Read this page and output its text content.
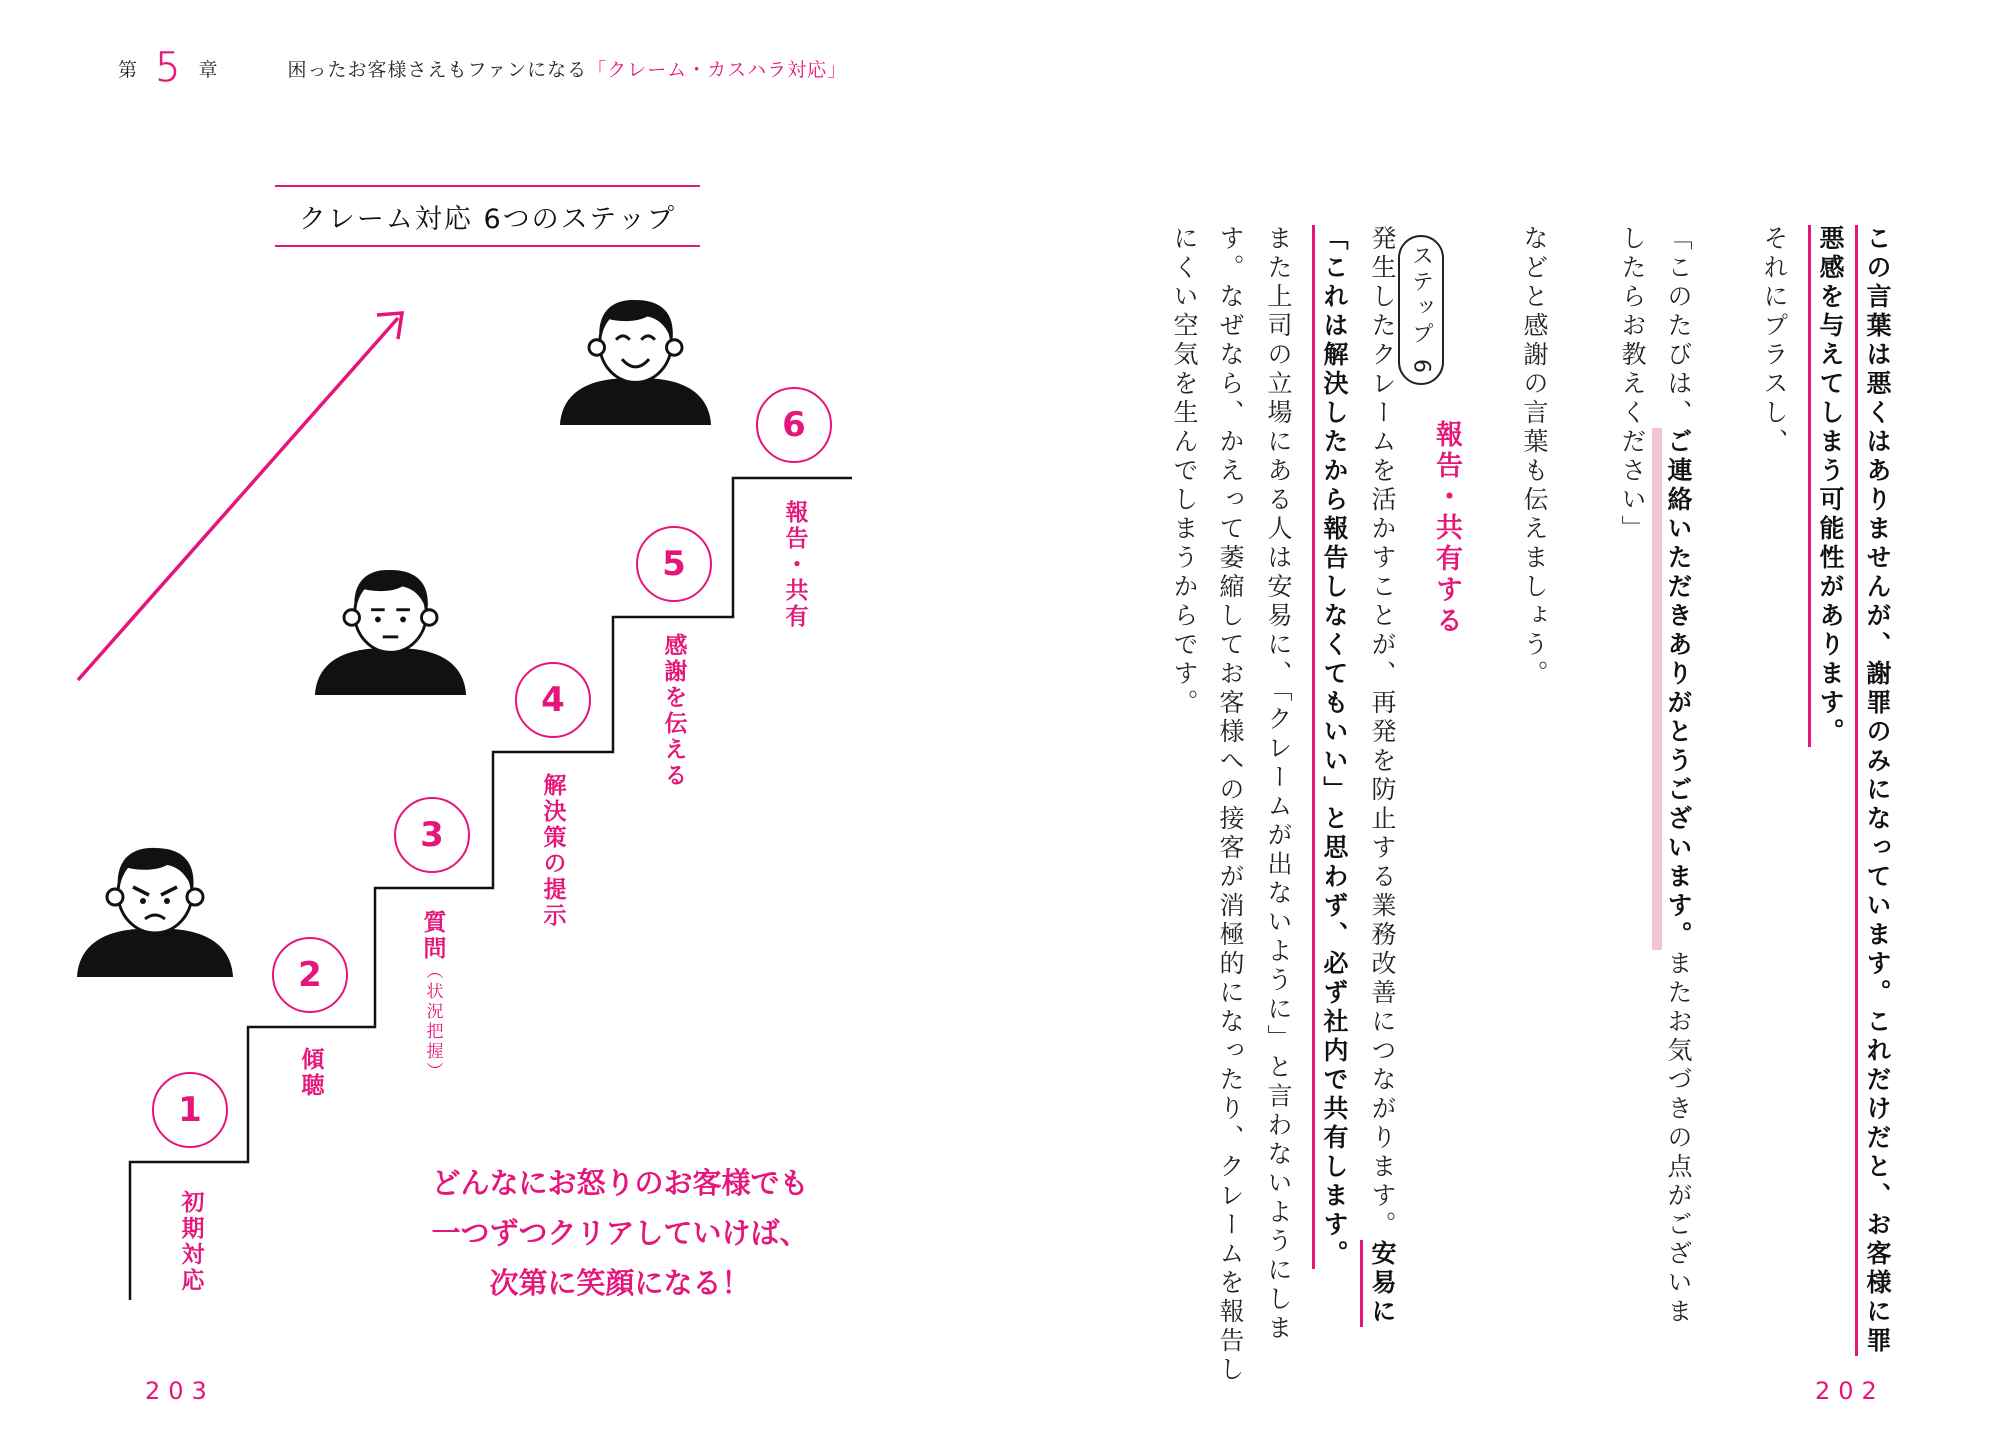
第 5 章	困ったお客様さえもファンになる「クレーム・カスハラ対応」
クレーム対応 6つのステップ
1
2
3
4
5
6
初期対応
傾聴
質問（状況把握）
解決策の提示
感謝を伝える
報告・共有
どんなにお怒りのお客様でも
一つずつクリアしていけば、
次第に笑顔になる！
203	202
この言葉は悪くはありませんが、謝罪のみになっています。これだけだと、お客様に罪
悪感を与えてしまう可能性があります。
それにプラスし、
「このたびは、ご連絡いただきありがとうございます。またお気づきの点がございま
したらお教えください」
などと感謝の言葉も伝えましょう。
ステップ 6
報告・共有する
発生したクレームを活かすことが、再発を防止する業務改善につながります。安易に
「これは解決したから報告しなくてもいい」と思わず、必ず社内で共有します。
また上司の立場にある人は安易に、「クレームが出ないように」と言わないようにしま
す。なぜなら、かえって萎縮してお客様への接客が消極的になったり、クレームを報告し
にくい空気を生んでしまうからです。
